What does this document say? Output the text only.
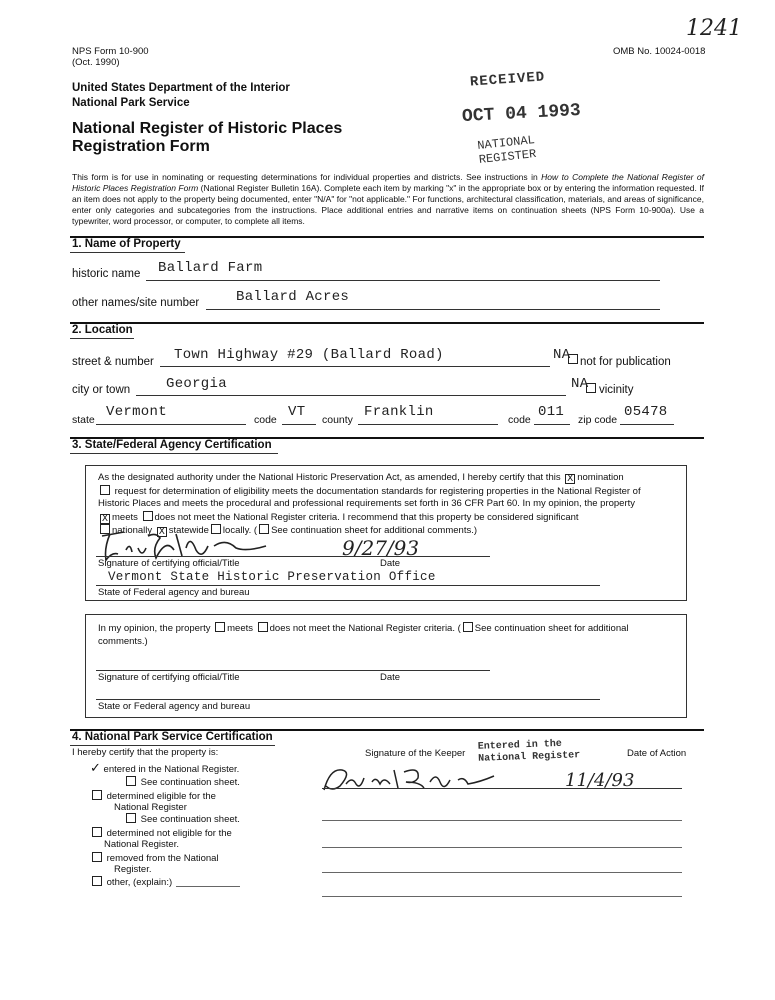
1241
NPS Form 10-900
(Oct. 1990)
OMB No. 10024-0018
United States Department of the Interior
National Park Service
National Register of Historic Places
Registration Form
RECEIVED
OCT 04 1993
NATIONAL
REGISTER
This form is for use in nominating or requesting determinations for individual properties and districts. See instructions in How to Complete the National Register of Historic Places Registration Form (National Register Bulletin 16A). Complete each item by marking "x" in the appropriate box or by entering the information requested. If an item does not apply to the property being documented, enter "N/A" for "not applicable." For functions, architectural classification, materials, and areas of significance, enter only categories and subcategories from the instructions. Place additional entries and narrative items on continuation sheets (NPS Form 10-900a). Use a typewriter, word processor, or computer, to complete all items.
1. Name of Property
historic name Ballard Farm
other names/site number	Ballard Acres
2. Location
street & number Town Highway #29 (Ballard Road)	NA not for publication
city or town	Georgia	NA vicinity
state Vermont	code VT county Franklin	code 011 zip code 05478
3. State/Federal Agency Certification
As the designated authority under the National Historic Preservation Act, as amended, I hereby certify that this X nomination
request for determination of eligibility meets the documentation standards for registering properties in the National Register of
Historic Places and meets the procedural and professional requirements set forth in 36 CFR Part 60. In my opinion, the property
X meets does not meet the National Register criteria. I recommend that this property be considered significant
nationally X statewide locally. ( See continuation sheet for additional comments.)
9/27/93
Signature of certifying official/Title	Date
Vermont State Historic Preservation Office
State of Federal agency and bureau
In my opinion, the property meets does not meet the National Register criteria. ( See continuation sheet for additional
comments.)
Signature of certifying official/Title	Date
State or Federal agency and bureau
4. National Park Service Certification
I hereby certify that the property is:	Signature of the Keeper	Date of Action
Entered in the
National Register
11/4/93
✓ entered in the National Register.
See continuation sheet.
determined eligible for the
National Register
See continuation sheet.
determined not eligible for the
National Register.
removed from the National
Register.
other, (explain:)
